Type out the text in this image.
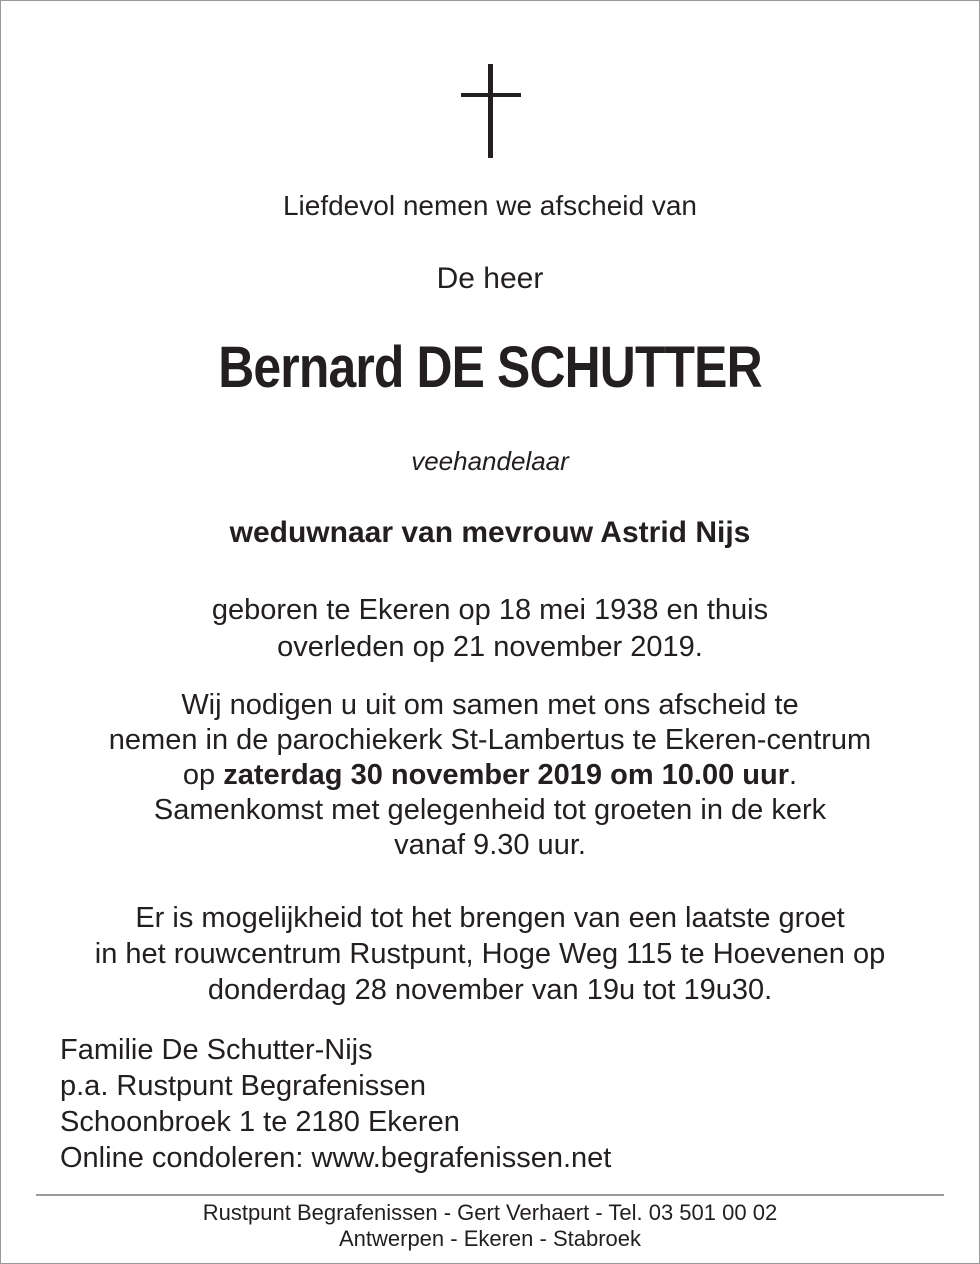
Liefdevol nemen we afscheid van
De heer
Bernard DE SCHUTTER
veehandelaar
weduwnaar van mevrouw Astrid Nijs
geboren te Ekeren op 18 mei 1938 en thuis
overleden op 21 november 2019.
Wij nodigen u uit om samen met ons afscheid te
nemen in de parochiekerk St-Lambertus te Ekeren-centrum
op zaterdag 30 november 2019 om 10.00 uur.
Samenkomst met gelegenheid tot groeten in de kerk
vanaf 9.30 uur.
Er is mogelijkheid tot het brengen van een laatste groet
in het rouwcentrum Rustpunt, Hoge Weg 115 te Hoevenen op
donderdag 28 november van 19u tot 19u30.
Familie De Schutter-Nijs
p.a. Rustpunt Begrafenissen
Schoonbroek 1 te 2180 Ekeren
Online condoleren: www.begrafenissen.net
Rustpunt Begrafenissen - Gert Verhaert - Tel. 03 501 00 02
Antwerpen - Ekeren - Stabroek
